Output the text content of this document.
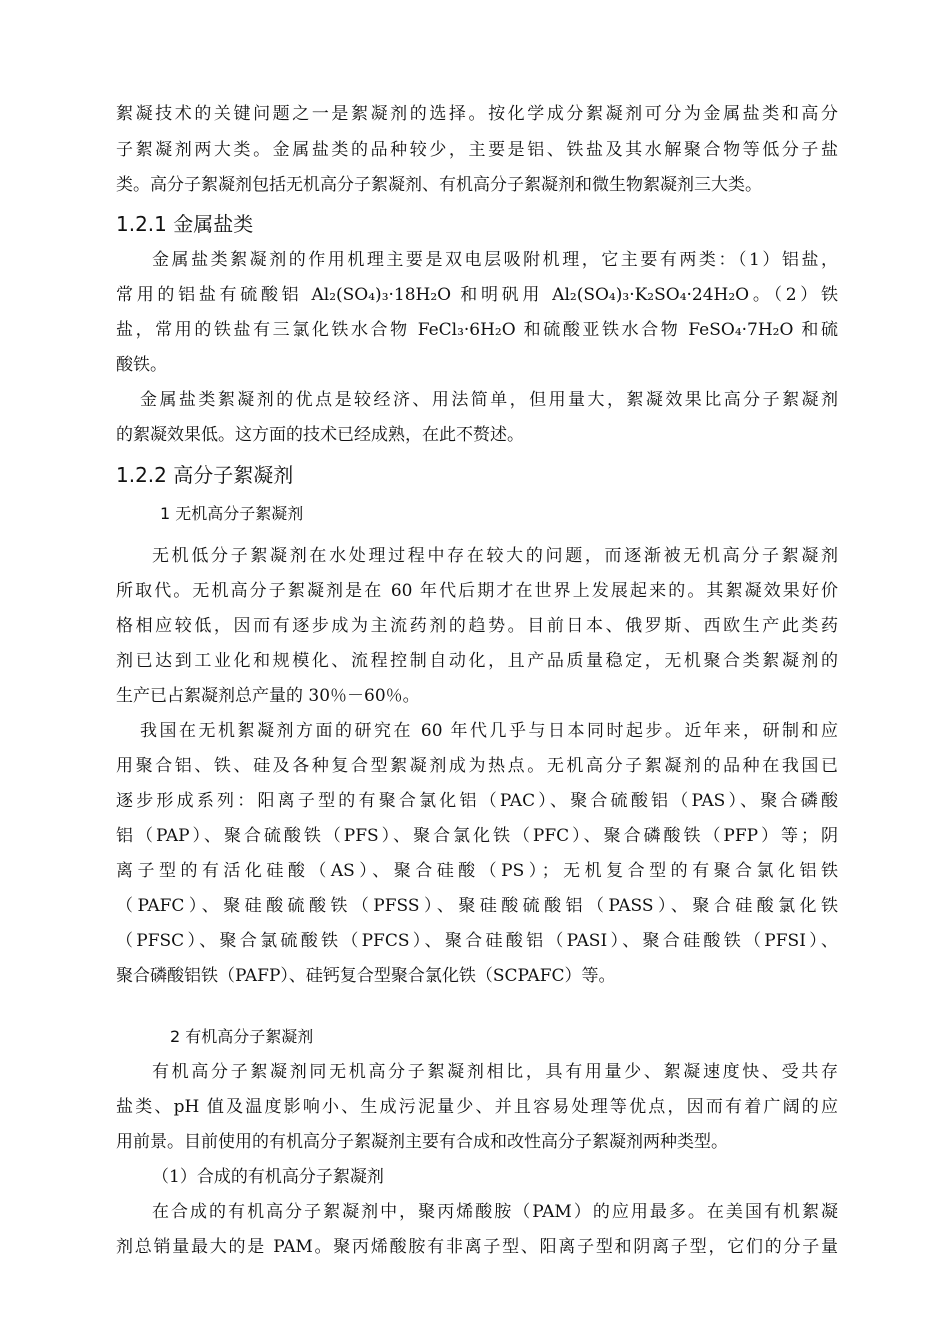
絮凝技术的关键问题之一是絮凝剂的选择。按化学成分絮凝剂可分为金属盐类和高分
子絮凝剂两大类。金属盐类的品种较少，主要是铝、铁盐及其水解聚合物等低分子盐
类。高分子絮凝剂包括无机高分子絮凝剂、有机高分子絮凝剂和微生物絮凝剂三大类。
1.2.1 金属盐类
金属盐类絮凝剂的作用机理主要是双电层吸附机理，它主要有两类：（1）铝盐，
常用的铝盐有硫酸铝 Al₂(SO₄)₃·18H₂O 和明矾用 Al₂(SO₄)₃·K₂SO₄·24H₂O。（2）铁
盐，常用的铁盐有三氯化铁水合物 FeCl₃·6H₂O 和硫酸亚铁水合物 FeSO₄·7H₂O 和硫
酸铁。
金属盐类絮凝剂的优点是较经济、用法简单，但用量大，絮凝效果比高分子絮凝剂
的絮凝效果低。这方面的技术已经成熟，在此不赘述。
1.2.2 高分子絮凝剂
1 无机高分子絮凝剂
无机低分子絮凝剂在水处理过程中存在较大的问题，而逐渐被无机高分子絮凝剂
所取代。无机高分子絮凝剂是在 60 年代后期才在世界上发展起来的。其絮凝效果好价
格相应较低，因而有逐步成为主流药剂的趋势。目前日本、俄罗斯、西欧生产此类药
剂已达到工业化和规模化、流程控制自动化，且产品质量稳定，无机聚合类絮凝剂的
生产已占絮凝剂总产量的 30％－60％。
我国在无机絮凝剂方面的研究在 60 年代几乎与日本同时起步。近年来，研制和应
用聚合铝、铁、硅及各种复合型絮凝剂成为热点。无机高分子絮凝剂的品种在我国已
逐步形成系列：阳离子型的有聚合氯化铝（PAC）、聚合硫酸铝（PAS）、聚合磷酸
铝（PAP）、聚合硫酸铁（PFS）、聚合氯化铁（PFC）、聚合磷酸铁（PFP）等；阴
离子型的有活化硅酸（AS）、聚合硅酸（PS）；无机复合型的有聚合氯化铝铁
（PAFC）、聚硅酸硫酸铁（PFSS）、聚硅酸硫酸铝（PASS）、聚合硅酸氯化铁
（PFSC）、聚合氯硫酸铁（PFCS）、聚合硅酸铝（PASI）、聚合硅酸铁（PFSI）、
聚合磷酸铝铁（PAFP）、硅钙复合型聚合氯化铁（SCPAFC）等。
2 有机高分子絮凝剂
有机高分子絮凝剂同无机高分子絮凝剂相比，具有用量少、絮凝速度快、受共存
盐类、pH 值及温度影响小、生成污泥量少、并且容易处理等优点，因而有着广阔的应
用前景。目前使用的有机高分子絮凝剂主要有合成和改性高分子絮凝剂两种类型。
（1）合成的有机高分子絮凝剂
在合成的有机高分子絮凝剂中，聚丙烯酸胺（PAM）的应用最多。在美国有机絮凝
剂总销量最大的是 PAM。聚丙烯酸胺有非离子型、阳离子型和阴离子型，它们的分子量
